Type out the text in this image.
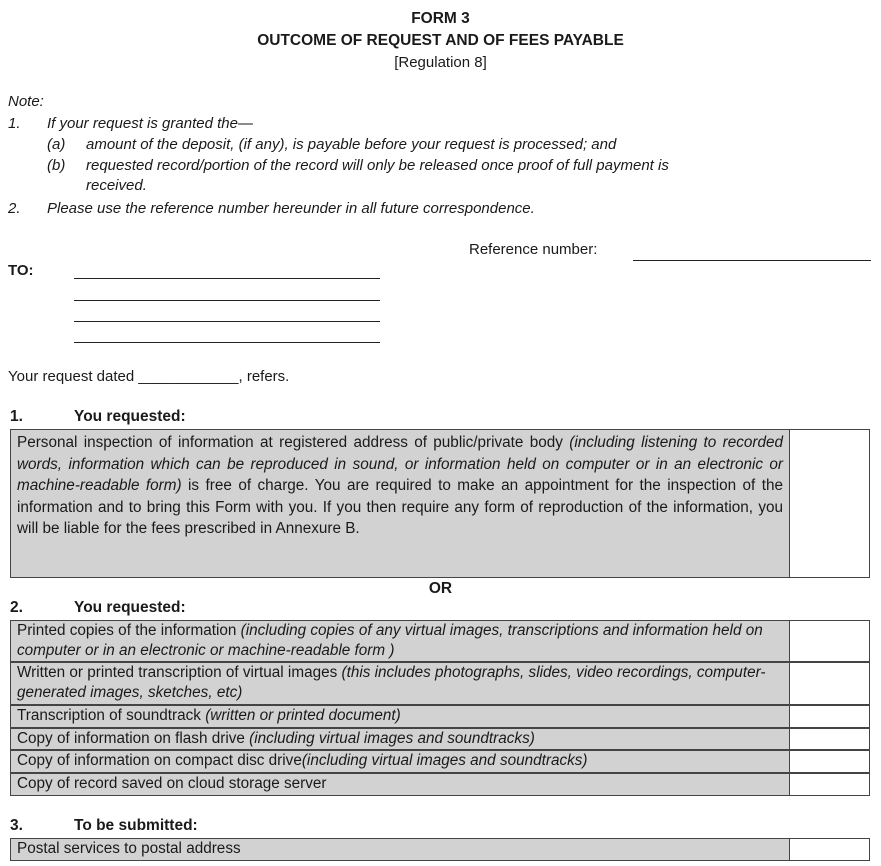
FORM 3
OUTCOME OF REQUEST AND OF FEES PAYABLE
[Regulation 8]
Note:
1. If your request is granted the—
(a) amount of the deposit, (if any), is payable before your request is processed; and
(b) requested record/portion of the record will only be released once proof of full payment is
received.
2. Please use the reference number hereunder in all future correspondence.
Reference number:
TO:
Your request dated ____________, refers.
1.	You requested:
Personal inspection of information at registered address of public/private body (including listening to recorded words, information which can be reproduced in sound, or information held on computer or in an electronic or machine-readable form) is free of charge. You are required to make an appointment for the inspection of the information and to bring this Form with you. If you then require any form of reproduction of the information, you will be liable for the fees prescribed in Annexure B.
OR
2.	You requested:
Printed copies of the information (including copies of any virtual images, transcriptions and information held on computer or in an electronic or machine-readable form )
Written or printed transcription of virtual images (this includes photographs, slides, video recordings, computer-generated images, sketches, etc)
Transcription of soundtrack (written or printed document)
Copy of information on flash drive (including virtual images and soundtracks)
Copy of information on compact disc drive(including virtual images and soundtracks)
Copy of record saved on cloud storage server
3.	To be submitted:
Postal services to postal address
